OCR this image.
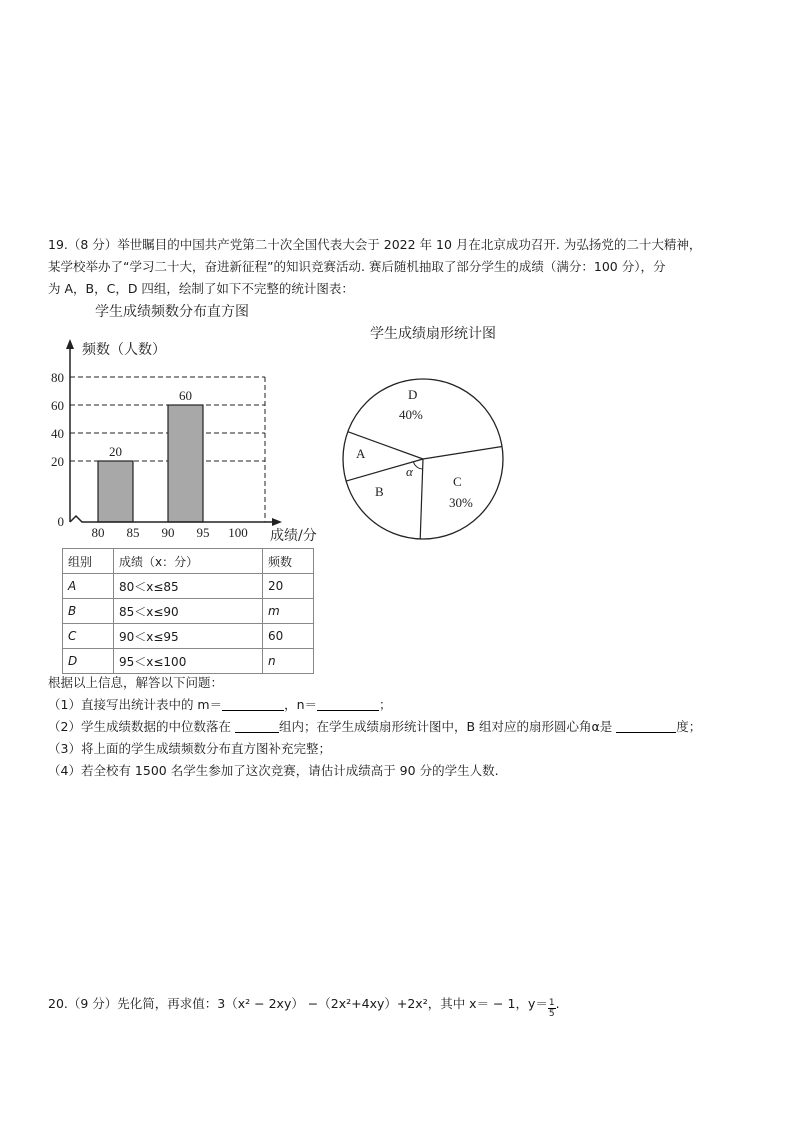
19.（8 分）举世瞩目的中国共产党第二十次全国代表大会于 2022 年 10 月在北京成功召开. 为弘扬党的二十大精神，
某学校举办了“学习二十大，奋进新征程”的知识竞赛活动. 赛后随机抽取了部分学生的成绩（满分：100 分），分
为 A，B，C，D 四组，绘制了如下不完整的统计图表：
学生成绩频数分布直方图
频数（人数）
20
60
0
20
40
60
80
80 85 90 95 100 成绩/分
学生成绩扇形统计图
α
D
40%
C
30%
B
A
组别	成绩（x：分）	频数
A	80＜x≤85	20
B	85＜x≤90	m
C	90＜x≤95	60
D	95＜x≤100	n
根据以上信息，解答以下问题：
（1）直接写出统计表中的 m＝	，n＝	；
（2）学生成绩数据的中位数落在	组内；在学生成绩扇形统计图中，B 组对应的扇形圆心角α是	度；
（3）将上面的学生成绩频数分布直方图补充完整；
（4）若全校有 1500 名学生参加了这次竞赛，请估计成绩高于 90 分的学生人数.
20.（9 分）先化简，再求值：3（x² − 2xy） −（2x²+4xy）+2x²，其中 x＝ − 1，$y= \frac{1}{5}$ .
